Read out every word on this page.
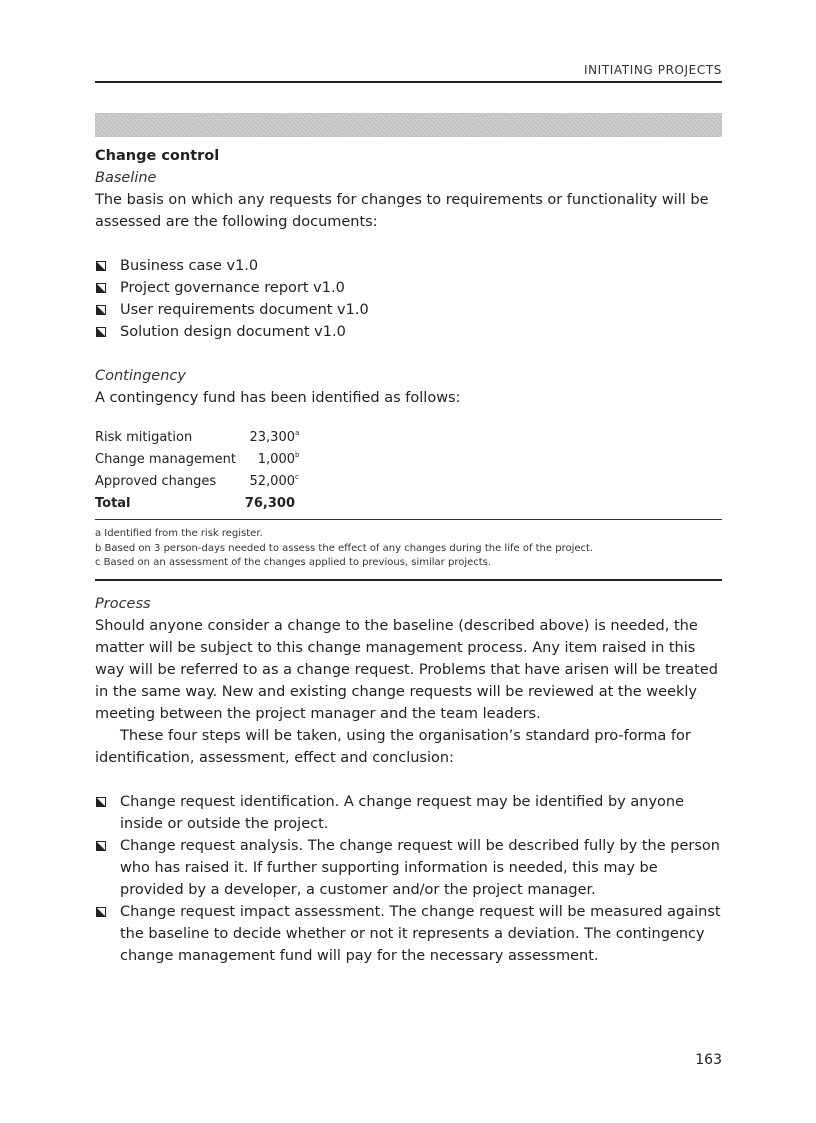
INITIATING PROJECTS

Change control

Baseline

The basis on which any requests for changes to requirements or functionality will be assessed are the following documents:

Business case v1.0
Project governance report v1.0
User requirements document v1.0
Solution design document v1.0

Contingency

A contingency fund has been identified as follows:

Risk mitigation	23,300	a
Change management	1,000	b
Approved changes	52,000	c
Total	76,300	
a Identified from the risk register.
b Based on 3 person-days needed to assess the effect of any changes during the life of the project.
c Based on an assessment of the changes applied to previous, similar projects.

Process

Should anyone consider a change to the baseline (described above) is needed, the matter will be subject to this change management process. Any item raised in this way will be referred to as a change request. Problems that have arisen will be treated in the same way. New and existing change requests will be reviewed at the weekly meeting between the project manager and the team leaders.

These four steps will be taken, using the organisation’s standard pro-forma for identification, assessment, effect and conclusion:

Change request identification. A change request may be identified by anyone inside or outside the project.
Change request analysis. The change request will be described fully by the person who has raised it. If further supporting information is needed, this may be provided by a developer, a customer and/or the project manager.
Change request impact assessment. The change request will be measured against the baseline to decide whether or not it represents a deviation. The contingency change management fund will pay for the necessary assessment.
163
